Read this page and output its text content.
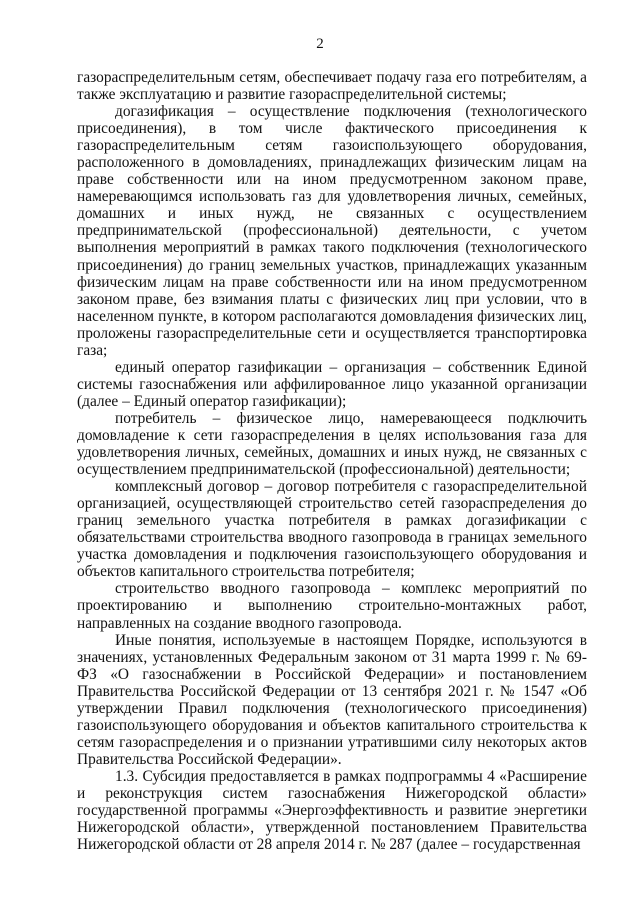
2

газораспределительным сетям, обеспечивает подачу газа его потребителям, а также эксплуатацию и развитие газораспределительной системы;

догазификация – осуществление подключения (технологического присоединения), в том числе фактического присоединения к газораспределительным сетям газоиспользующего оборудования, расположенного в домовладениях, принадлежащих физическим лицам на праве собственности или на ином предусмотренном законом праве, намеревающимся использовать газ для удовлетворения личных, семейных, домашних и иных нужд, не связанных с осуществлением предпринимательской (профессиональной) деятельности, с учетом выполнения мероприятий в рамках такого подключения (технологического присоединения) до границ земельных участков, принадлежащих указанным физическим лицам на праве собственности или на ином предусмотренном законом праве, без взимания платы с физических лиц при условии, что в населенном пункте, в котором располагаются домовладения физических лиц, проложены газораспределительные сети и осуществляется транспортировка газа;

единый оператор газификации – организация – собственник Единой системы газоснабжения или аффилированное лицо указанной организации (далее – Единый оператор газификации);

потребитель – физическое лицо, намеревающееся подключить домовладение к сети газораспределения в целях использования газа для удовлетворения личных, семейных, домашних и иных нужд, не связанных с осуществлением предпринимательской (профессиональной) деятельности;

комплексный договор – договор потребителя с газораспределительной организацией, осуществляющей строительство сетей газораспределения до границ земельного участка потребителя в рамках догазификации с обязательствами строительства вводного газопровода в границах земельного участка домовладения и подключения газоиспользующего оборудования и объектов капитального строительства потребителя;

строительство вводного газопровода – комплекс мероприятий по проектированию и выполнению строительно-монтажных работ, направленных на создание вводного газопровода.

Иные понятия, используемые в настоящем Порядке, используются в значениях, установленных Федеральным законом от 31 марта 1999 г. № 69-ФЗ «О газоснабжении в Российской Федерации» и постановлением Правительства Российской Федерации от 13 сентября 2021 г. № 1547 «Об утверждении Правил подключения (технологического присоединения) газоиспользующего оборудования и объектов капитального строительства к сетям газораспределения и о признании утратившими силу некоторых актов Правительства Российской Федерации».

1.3. Субсидия предоставляется в рамках подпрограммы 4 «Расширение и реконструкция систем газоснабжения Нижегородской области» государственной программы «Энергоэффективность и развитие энергетики Нижегородской области», утвержденной постановлением Правительства Нижегородской области от 28 апреля 2014 г. № 287 (далее – государственная
